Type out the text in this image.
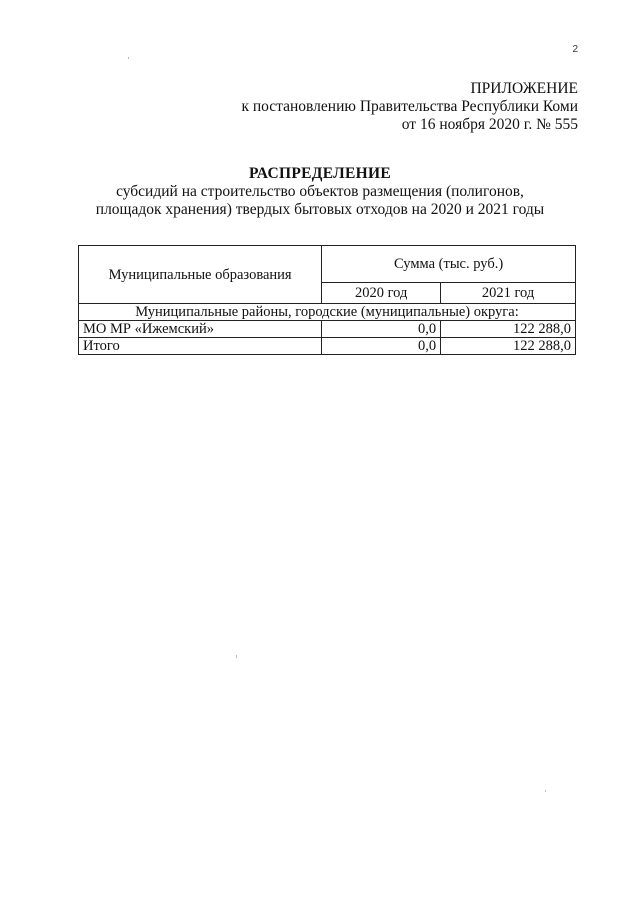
2
ПРИЛОЖЕНИЕ
к постановлению Правительства Республики Коми
от 16 ноября 2020 г. № 555
РАСПРЕДЕЛЕНИЕ
субсидий на строительство объектов размещения (полигонов,
площадок хранения) твердых бытовых отходов на 2020 и 2021 годы
Муниципальные образования	Сумма (тыс. руб.)	
	2020 год	2021 год
Муниципальные районы, городские (муниципальные) округа:		
МО МР «Ижемский»	0,0	122 288,0
Итого	0,0	122 288,0
